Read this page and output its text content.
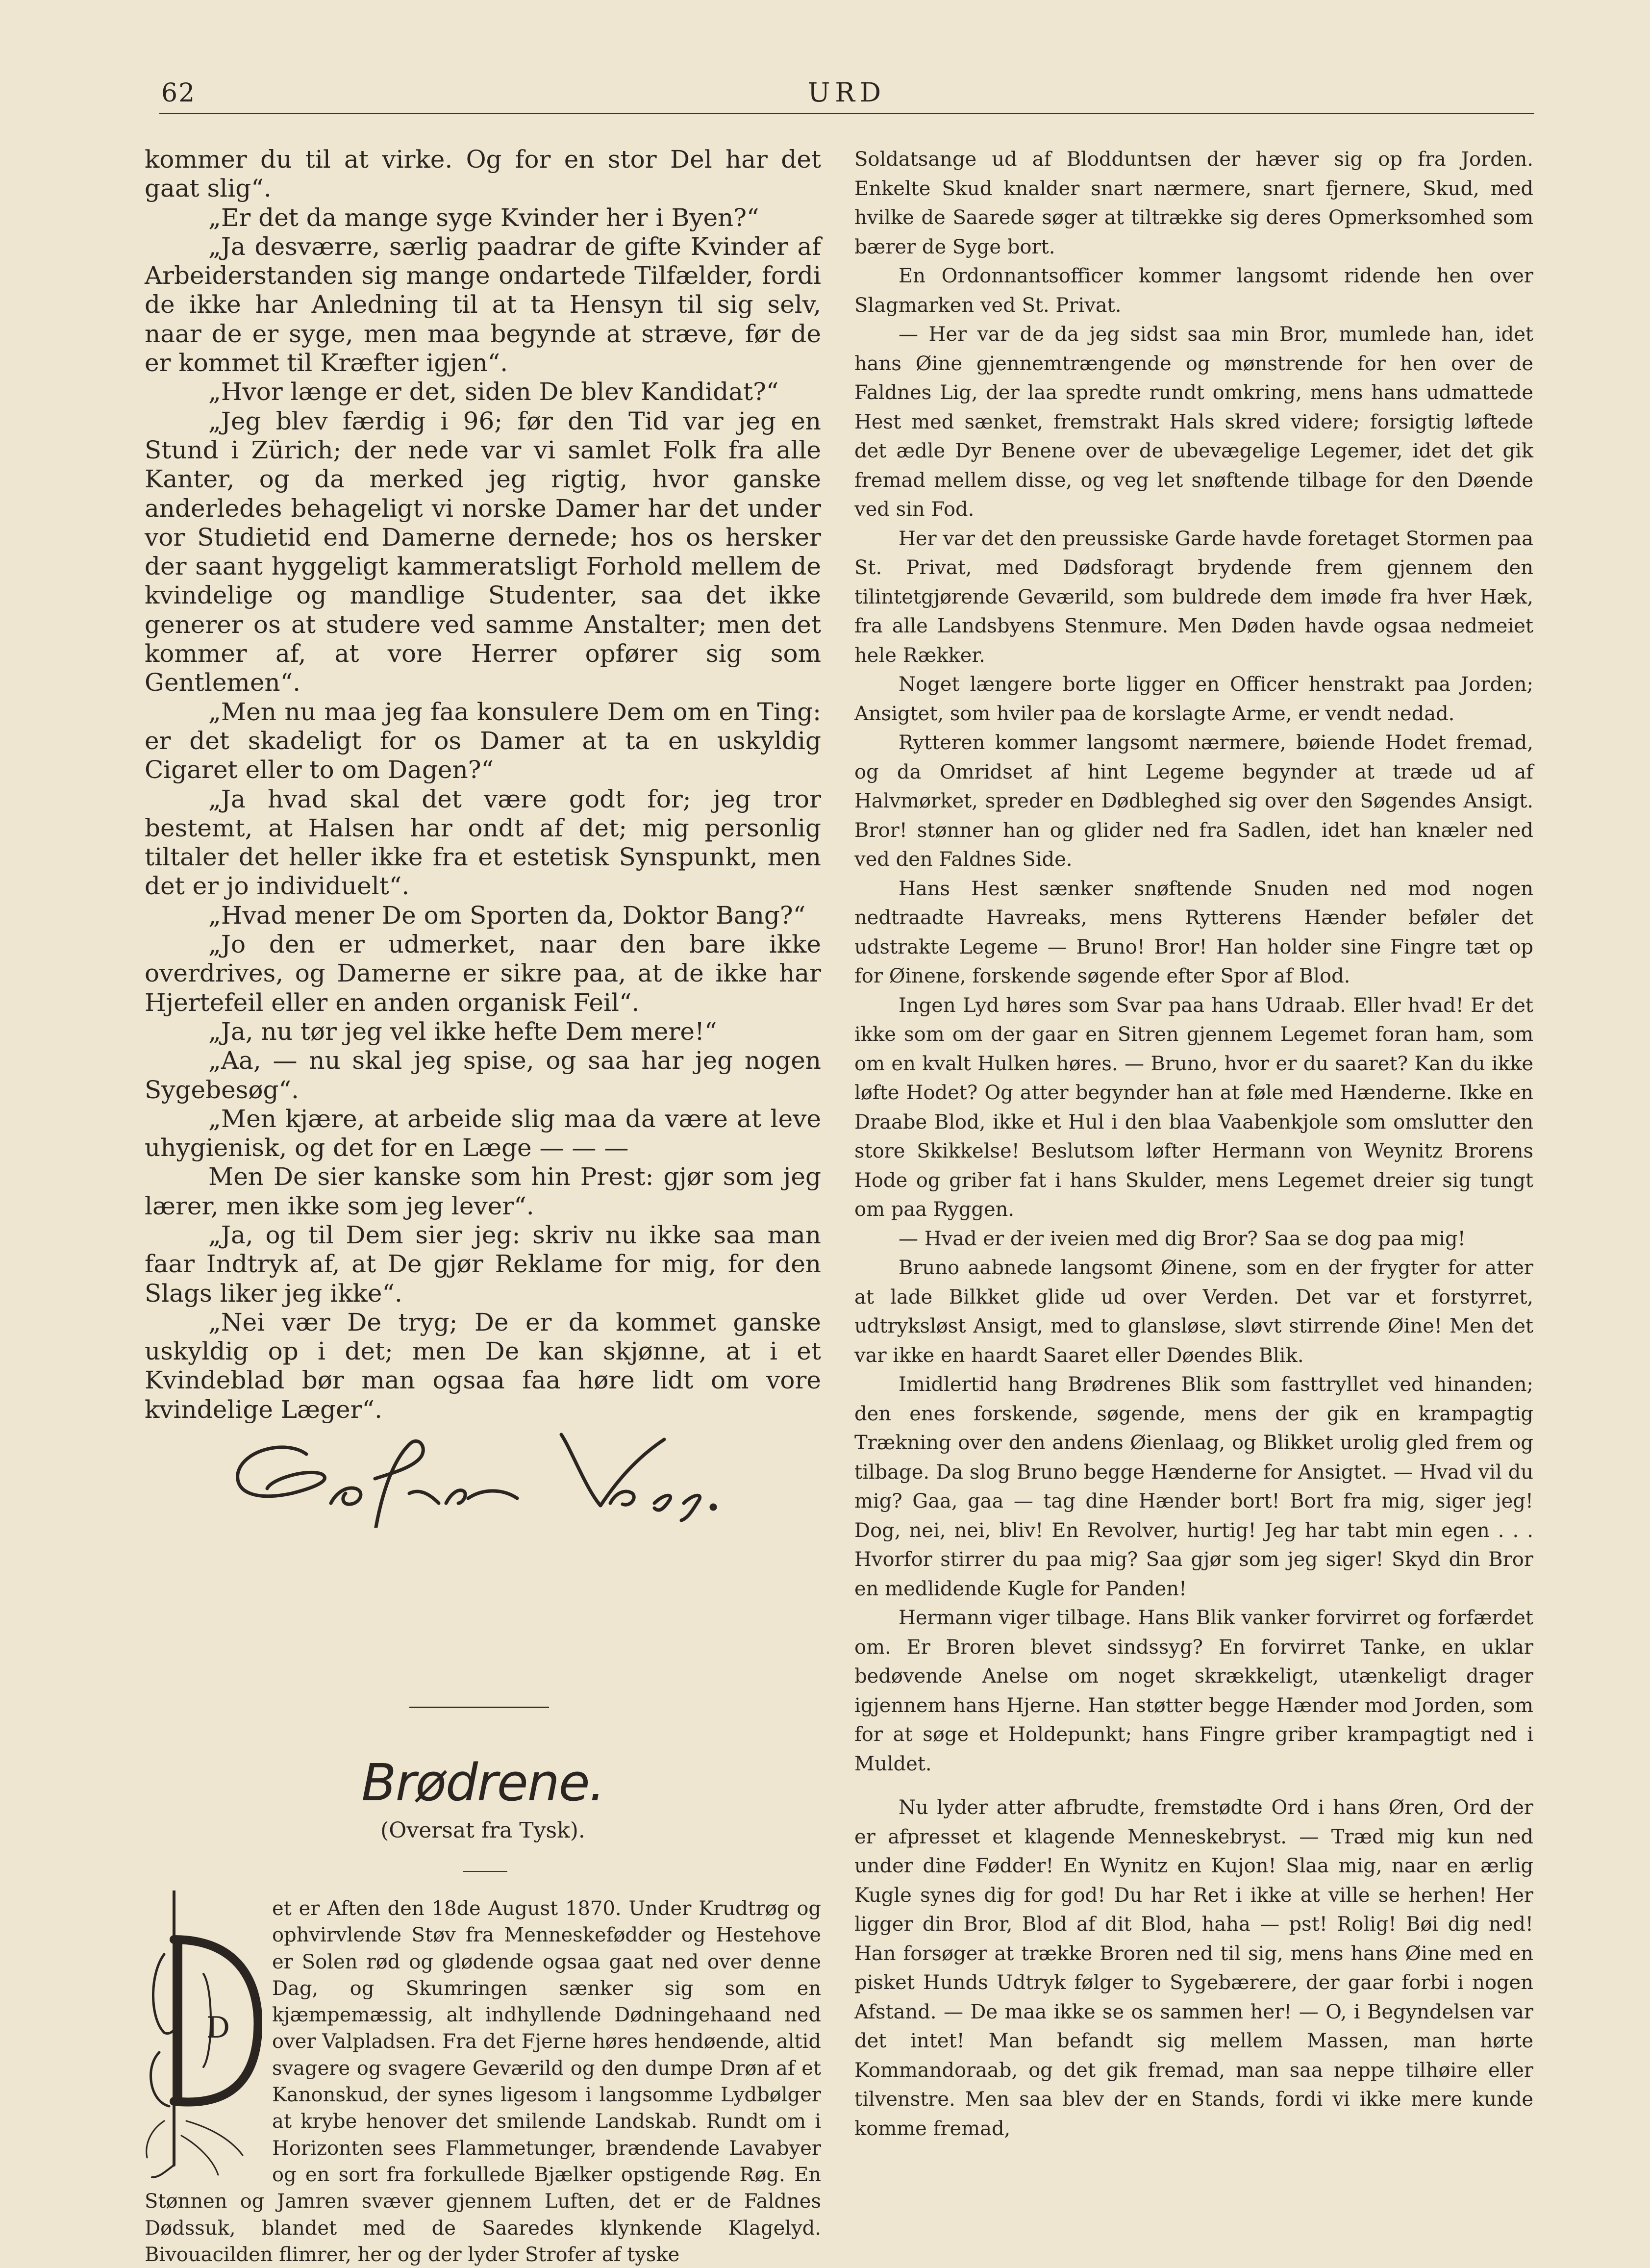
62	URD

kommer du til at virke. Og for en stor Del har det gaat slig“.

„Er det da mange syge Kvinder her i Byen?“

„Ja desværre, særlig paadrar de gifte Kvinder af Arbeiderstanden sig mange ondartede Tilfælder, fordi de ikke har Anledning til at ta Hensyn til sig selv, naar de er syge, men maa begynde at stræve, før de er kommet til Kræfter igjen“.

„Hvor længe er det, siden De blev Kandidat?“

„Jeg blev færdig i 96; før den Tid var jeg en Stund i Zürich; der nede var vi samlet Folk fra alle Kanter, og da merked jeg rigtig, hvor ganske anderledes behageligt vi norske Damer har det under vor Studietid end Damerne dernede; hos os hersker der saant hyggeligt kammeratsligt Forhold mellem de kvindelige og mandlige Studenter, saa det ikke generer os at studere ved samme Anstalter; men det kommer af, at vore Herrer opfører sig som Gentlemen“.

„Men nu maa jeg faa konsulere Dem om en Ting: er det skadeligt for os Damer at ta en uskyldig Cigaret eller to om Dagen?“

„Ja hvad skal det være godt for; jeg tror bestemt, at Halsen har ondt af det; mig personlig tiltaler det heller ikke fra et estetisk Synspunkt, men det er jo individuelt“.

„Hvad mener De om Sporten da, Doktor Bang?“

„Jo den er udmerket, naar den bare ikke overdrives, og Damerne er sikre paa, at de ikke har Hjertefeil eller en anden organisk Feil“.

„Ja, nu tør jeg vel ikke hefte Dem mere!“

„Aa, — nu skal jeg spise, og saa har jeg nogen Sygebesøg“.

„Men kjære, at arbeide slig maa da være at leve uhygienisk, og det for en Læge — — —

Men De sier kanske som hin Prest: gjør som jeg lærer, men ikke som jeg lever“.

„Ja, og til Dem sier jeg: skriv nu ikke saa man faar Indtryk af, at De gjør Reklame for mig, for den Slags liker jeg ikke“.

„Nei vær De tryg; De er da kommet ganske uskyldig op i det; men De kan skjønne, at i et Kvindeblad bør man ogsaa faa høre lidt om vore kvindelige Læger“.

Brødrene.
(Oversat fra Tysk).
D

et er Aften den 18de August 1870. Under Krudtrøg og ophvirvlende Støv fra Menneskefødder og Hestehove er Solen rød og glødende ogsaa gaat ned over denne Dag, og Skumringen sænker sig som en kjæmpemæssig, alt indhyllende Dødningehaand ned over Valpladsen. Fra det Fjerne høres hendøende, altid svagere og svagere Geværild og den dumpe Drøn af et Kanonskud, der synes ligesom i langsomme Lydbølger at krybe henover det smilende Landskab. Rundt om i Horizonten sees Flammetunger, brændende Lavabyer og en sort fra forkullede Bjælker opstigende Røg. En Stønnen og Jamren svæver gjennem Luften, det er de Faldnes Dødssuk, blandet med de Saaredes klynkende Klagelyd. Bivouacilden flimrer, her og der lyder Strofer af tyske

Soldatsange ud af Blodduntsen der hæver sig op fra Jorden. Enkelte Skud knalder snart nærmere, snart fjernere, Skud, med hvilke de Saarede søger at tiltrække sig deres Opmerksomhed som bærer de Syge bort.

En Ordonnantsofficer kommer langsomt ridende hen over Slagmarken ved St. Privat.

— Her var de da jeg sidst saa min Bror, mumlede han, idet hans Øine gjennemtrængende og mønstrende for hen over de Faldnes Lig, der laa spredte rundt omkring, mens hans udmattede Hest med sænket, fremstrakt Hals skred videre; forsigtig løftede det ædle Dyr Benene over de ubevægelige Legemer, idet det gik fremad mellem disse, og veg let snøftende tilbage for den Døende ved sin Fod.

Her var det den preussiske Garde havde foretaget Stormen paa St. Privat, med Dødsforagt brydende frem gjennem den tilintetgjørende Geværild, som buldrede dem imøde fra hver Hæk, fra alle Landsbyens Stenmure. Men Døden havde ogsaa nedmeiet hele Rækker.

Noget længere borte ligger en Officer henstrakt paa Jorden; Ansigtet, som hviler paa de korslagte Arme, er vendt nedad.

Rytteren kommer langsomt nærmere, bøiende Hodet fremad, og da Omridset af hint Legeme begynder at træde ud af Halvmørket, spreder en Dødbleghed sig over den Søgendes Ansigt. Bror! stønner han og glider ned fra Sadlen, idet han knæler ned ved den Faldnes Side.

Hans Hest sænker snøftende Snuden ned mod nogen nedtraadte Havreaks, mens Rytterens Hænder beføler det udstrakte Legeme — Bruno! Bror! Han holder sine Fingre tæt op for Øinene, forskende søgende efter Spor af Blod.

Ingen Lyd høres som Svar paa hans Udraab. Eller hvad! Er det ikke som om der gaar en Sitren gjennem Legemet foran ham, som om en kvalt Hulken høres. — Bruno, hvor er du saaret? Kan du ikke løfte Hodet? Og atter begynder han at føle med Hænderne. Ikke en Draabe Blod, ikke et Hul i den blaa Vaabenkjole som omslutter den store Skikkelse! Beslutsom løfter Hermann von Weynitz Brorens Hode og griber fat i hans Skulder, mens Legemet dreier sig tungt om paa Ryggen.

— Hvad er der iveien med dig Bror? Saa se dog paa mig!

Bruno aabnede langsomt Øinene, som en der frygter for atter at lade Bilkket glide ud over Verden. Det var et forstyrret, udtryksløst Ansigt, med to glansløse, sløvt stirrende Øine! Men det var ikke en haardt Saaret eller Døendes Blik.

Imidlertid hang Brødrenes Blik som fasttryllet ved hinanden; den enes forskende, søgende, mens der gik en krampagtig Trækning over den andens Øienlaag, og Blikket urolig gled frem og tilbage. Da slog Bruno begge Hænderne for Ansigtet. — Hvad vil du mig? Gaa, gaa — tag dine Hænder bort! Bort fra mig, siger jeg! Dog, nei, nei, bliv! En Revolver, hurtig! Jeg har tabt min egen . . . Hvorfor stirrer du paa mig? Saa gjør som jeg siger! Skyd din Bror en medlidende Kugle for Panden!

Hermann viger tilbage. Hans Blik vanker forvirret og forfærdet om. Er Broren blevet sindssyg? En forvirret Tanke, en uklar bedøvende Anelse om noget skrækkeligt, utænkeligt drager igjennem hans Hjerne. Han støtter begge Hænder mod Jorden, som for at søge et Holdepunkt; hans Fingre griber krampagtigt ned i Muldet.

Nu lyder atter afbrudte, fremstødte Ord i hans Øren, Ord der er afpresset et klagende Menneskebryst. — Træd mig kun ned under dine Fødder! En Wynitz en Kujon! Slaa mig, naar en ærlig Kugle synes dig for god! Du har Ret i ikke at ville se herhen! Her ligger din Bror, Blod af dit Blod, haha — pst! Rolig! Bøi dig ned! Han forsøger at trække Broren ned til sig, mens hans Øine med en pisket Hunds Udtryk følger to Sygebærere, der gaar forbi i nogen Afstand. — De maa ikke se os sammen her! — O, i Begyndelsen var det intet! Man befandt sig mellem Massen, man hørte Kommandoraab, og det gik fremad, man saa neppe tilhøire eller tilvenstre. Men saa blev der en Stands, fordi vi ikke mere kunde komme fremad,
